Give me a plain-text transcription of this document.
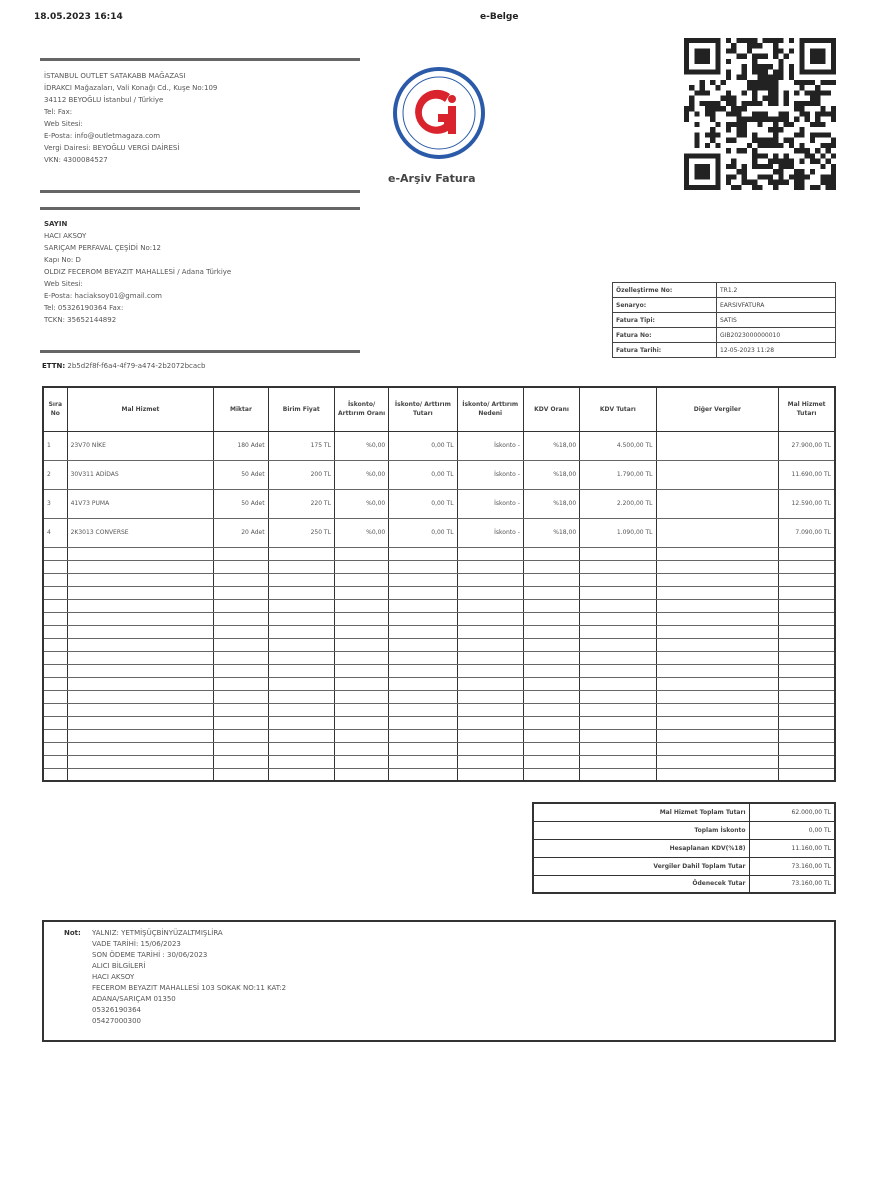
18.05.2023 16:14	e-Belge
İSTANBUL OUTLET SATAKABB MAĞAZASI
İDRAKCI Mağazaları, Vali Konağı Cd., Kuşe No:109
34112 BEYOĞLU İstanbul / Türkiye
Tel: Fax:
Web Sitesi:
E-Posta: info@outletmagaza.com
Vergi Dairesi: BEYOĞLU VERGİ DAİRESİ
VKN: 4300084527
SAYIN
HACI AKSOY
SARIÇAM PERFAVAL ÇEŞİDİ No:12
Kapı No: D
OLDIZ FECEROM BEYAZIT MAHALLESİ / Adana Türkiye
Web Sitesi:
E-Posta: haciaksoy01@gmail.com
Tel: 05326190364 Fax:
TCKN: 35652144892
ETTN: 2b5d2f8f-f6a4-4f79-a474-2b2072bcacb
e-Arşiv Fatura
Özelleştirme No:	TR1.2
Senaryo:	EARSIVFATURA
Fatura Tipi:	SATIS
Fatura No:	GIB2023000000010
Fatura Tarihi:	12-05-2023 11:28
Sıra No	Mal Hizmet	Miktar	Birim Fiyat	İskonto/ Arttırım Oranı	İskonto/ Arttırım Tutarı	İskonto/ Arttırım Nedeni	KDV Oranı	KDV Tutarı	Diğer Vergiler	Mal Hizmet Tutarı
1	23V70 NİKE	180 Adet	175 TL	%0,00	0,00 TL	İskonto -	%18,00	4.500,00 TL		27.900,00 TL
2	30V311 ADİDAS	50 Adet	200 TL	%0,00	0,00 TL	İskonto -	%18,00	1.790,00 TL		11.690,00 TL
3	41V73 PUMA	50 Adet	220 TL	%0,00	0,00 TL	İskonto -	%18,00	2.200,00 TL		12.590,00 TL
4	2K3013 CONVERSE	20 Adet	250 TL	%0,00	0,00 TL	İskonto -	%18,00	1.090,00 TL		7.090,00 TL

Mal Hizmet Toplam Tutarı	62.000,00 TL
Toplam İskonto	0,00 TL
Hesaplanan KDV(%18)	11.160,00 TL
Vergiler Dahil Toplam Tutar	73.160,00 TL
Ödenecek Tutar	73.160,00 TL
Not:	YALNIZ: YETMİŞÜÇBİNYÜZALTMIŞLİRA
VADE TARİHİ: 15/06/2023
SON ÖDEME TARİHİ : 30/06/2023
ALICI BİLGİLERİ
HACI AKSOY
FECEROM BEYAZIT MAHALLESİ 103 SOKAK NO:11 KAT:2
ADANA/SARIÇAM 01350
05326190364
05427000300
